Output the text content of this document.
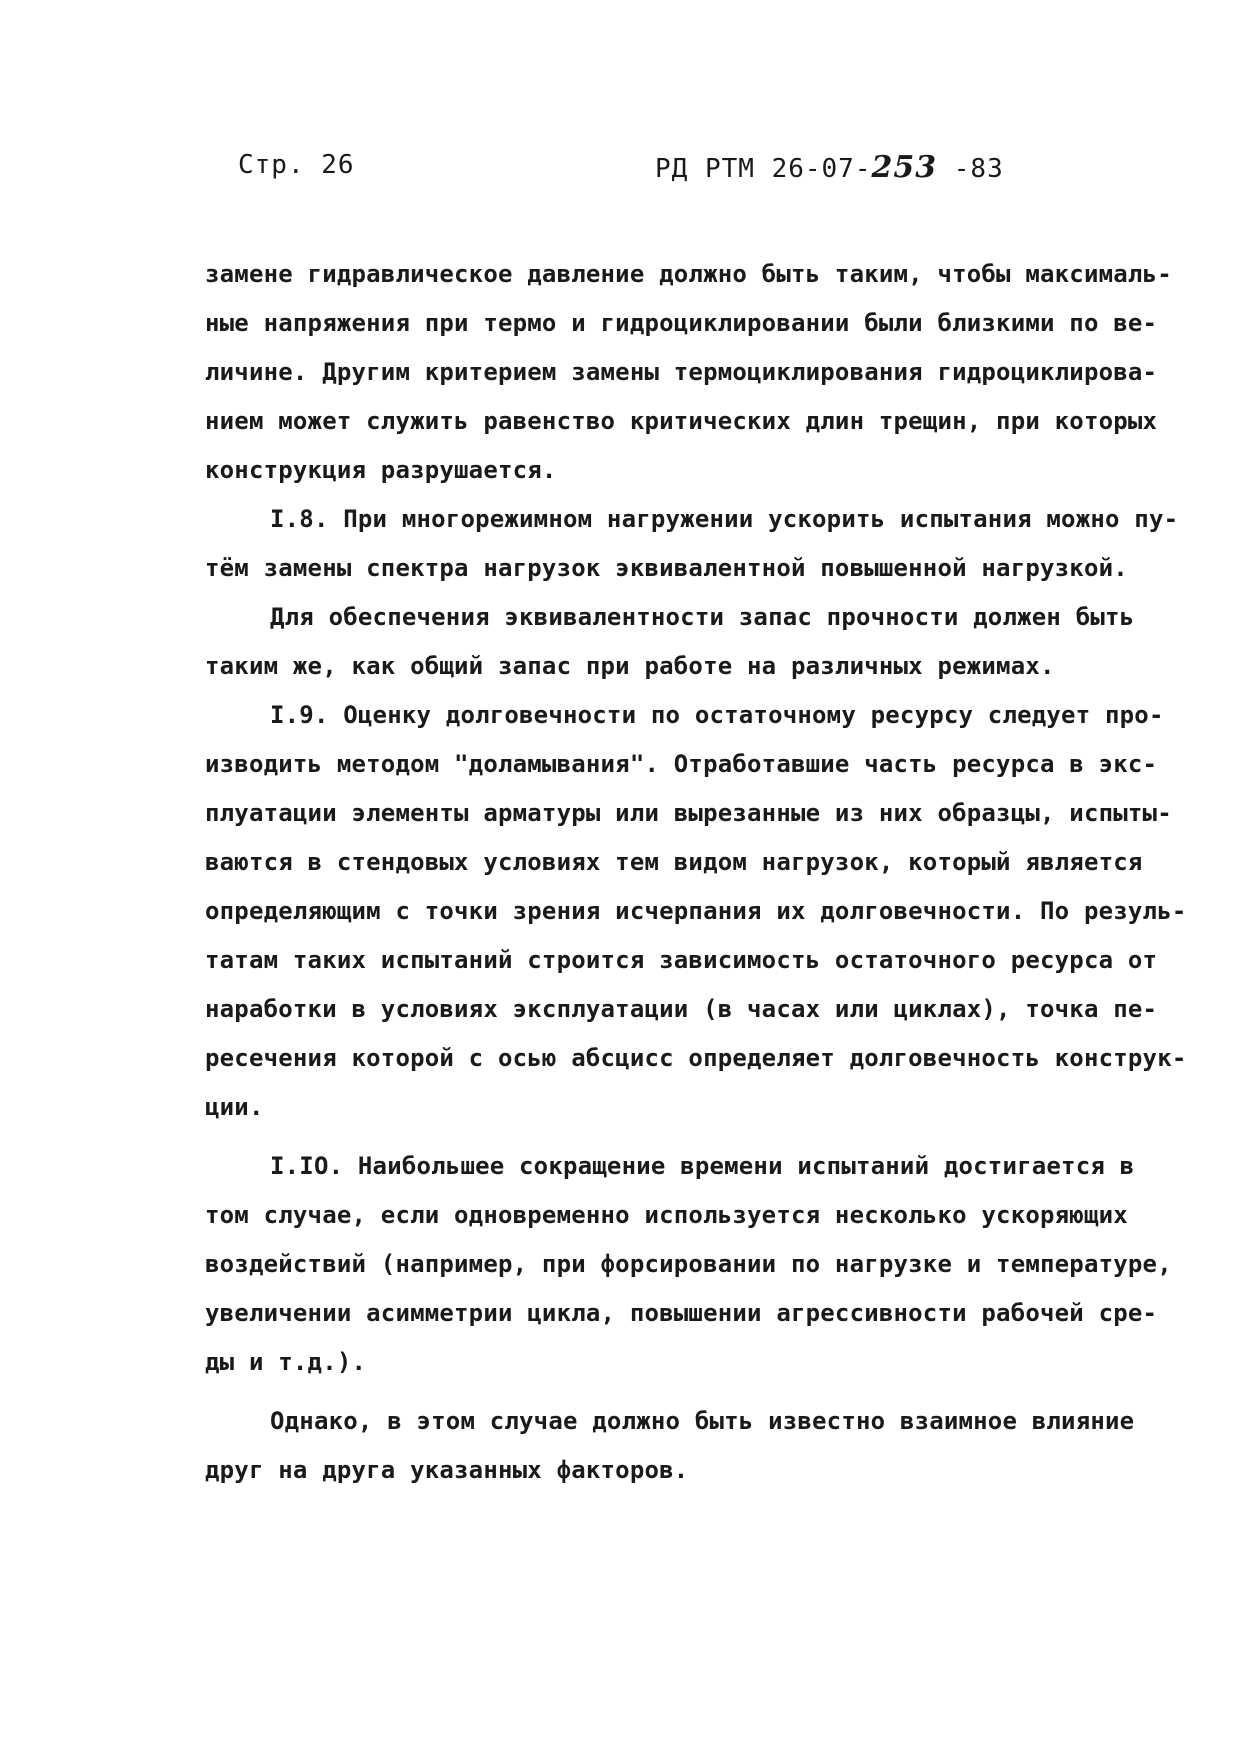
Стр. 26	РД РТМ 26-07-253 -83
замене гидравлическое давление должно быть таким, чтобы максималь-
ные напряжения при термо и гидроциклировании были близкими по ве-
личине. Другим критерием замены термоциклирования гидроциклирова-
нием может служить равенство критических длин трещин, при которых
конструкция разрушается.
I.8. При многорежимном нагружении ускорить испытания можно пу-
тём замены спектра нагрузок эквивалентной повышенной нагрузкой.
Для обеспечения эквивалентности запас прочности должен быть
таким же, как общий запас при работе на различных режимах.
I.9. Оценку долговечности по остаточному ресурсу следует про-
изводить методом "доламывания". Отработавшие часть ресурса в экс-
плуатации элементы арматуры или вырезанные из них образцы, испыты-
ваются в стендовых условиях тем видом нагрузок, который является
определяющим с точки зрения исчерпания их долговечности. По резуль-
татам таких испытаний строится зависимость остаточного ресурса от
наработки в условиях эксплуатации (в часах или циклах), точка пе-
ресечения которой с осью абсцисс определяет долговечность конструк-
ции.
I.IO. Наибольшее сокращение времени испытаний достигается в
том случае, если одновременно используется несколько ускоряющих
воздействий (например, при форсировании по нагрузке и температуре,
увеличении асимметрии цикла, повышении агрессивности рабочей сре-
ды и т.д.).
Однако, в этом случае должно быть известно взаимное влияние
друг на друга указанных факторов.
